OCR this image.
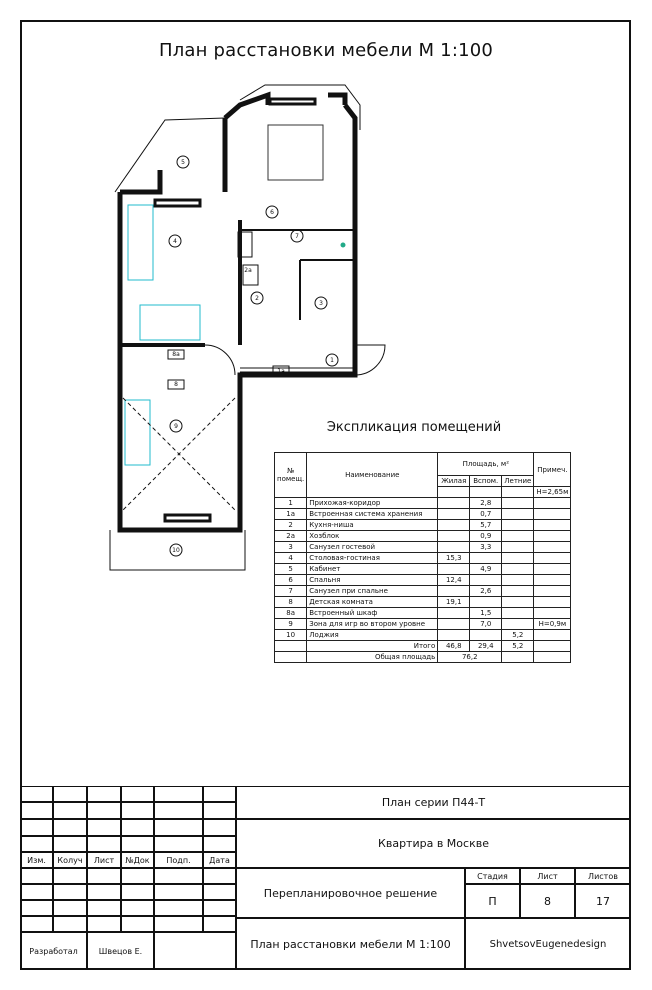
План расстановки мебели М 1:100
5
4
6
7
2
3
1
1а
8а
8
9
10
2а
Экспликация помещений
№ помещ.	Наименование	Площадь, м²			Примеч.
		Жилая	Вспом.	Летние	
					H=2,65м
1	Прихожая-коридор		2,8		
1а	Встроенная система хранения		0,7		
2	Кухня-ниша		5,7		
2а	Хозблок		0,9		
3	Санузел гостевой		3,3		
4	Столовая-гостиная	15,3			
5	Кабинет		4,9		
6	Спальня	12,4			
7	Санузел при спальне		2,6		
8	Детская комната	19,1			
8а	Встроенный шкаф		1,5		
9	Зона для игр во втором уровне		7,0		H=0,9м
10	Лоджия			5,2	
	Итого	46,8	29,4	5,2	
	Общая площадь	76,2			
Изм.	Колуч	Лист	№Док	Подп.	Дата
Разработал	Швецов Е.
План серии П44-Т
Квартира в Москве
Перепланировочное решение
Стадия	Лист	Листов
П	8	17
План расстановки мебели М 1:100	ShvetsovEugenedesign
